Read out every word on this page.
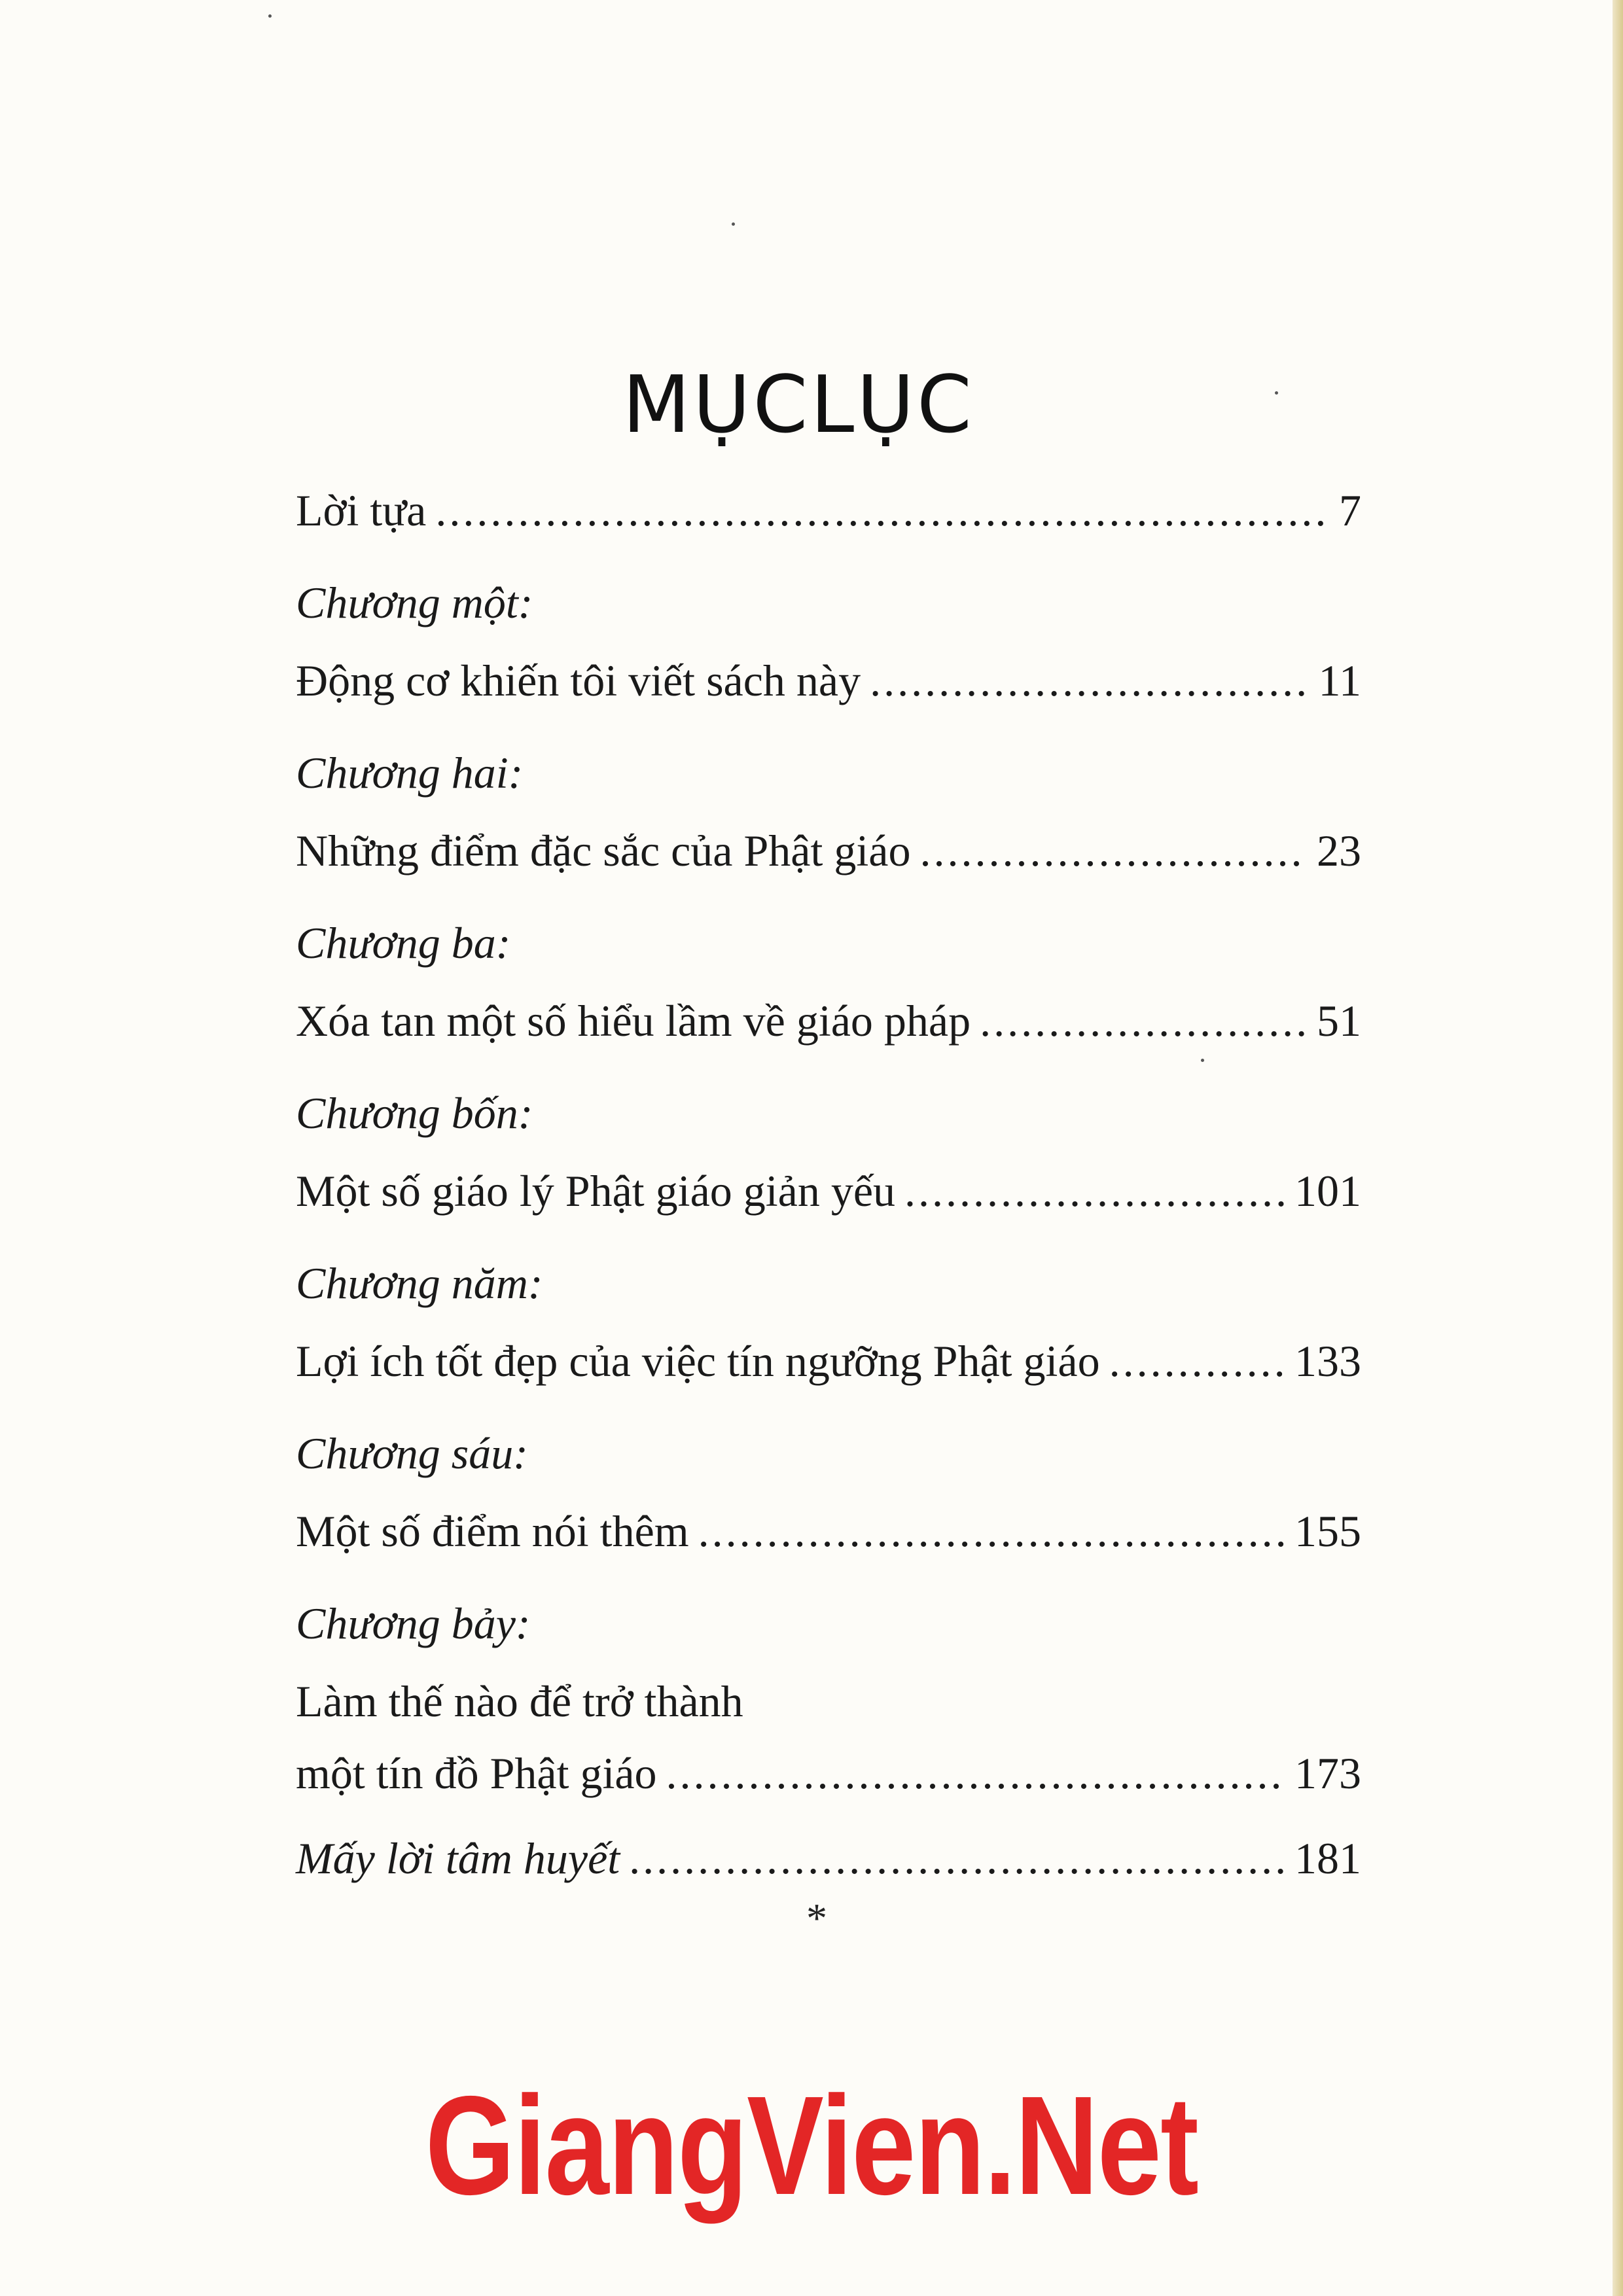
MỤCLỤC
Lời tựa .....	7
Chương một:
Động cơ khiến tôi viết sách này .....	11
Chương hai:
Những điểm đặc sắc của Phật giáo .....	23
Chương ba:
Xóa tan một số hiểu lầm về giáo pháp .....	51
Chương bốn:
Một số giáo lý Phật giáo giản yếu .....	101
Chương năm:
Lợi ích tốt đẹp của việc tín ngưỡng Phật giáo .....	133
Chương sáu:
Một số điểm nói thêm .....	155
Chương bảy:
Làm thế nào để trở thành
một tín đồ Phật giáo .....	173
Mấy lời tâm huyết .....	181
*
GiangVien.Net
